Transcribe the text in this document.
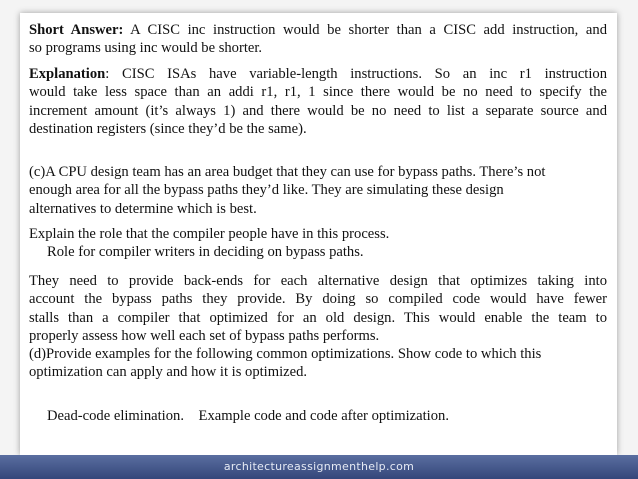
Short Answer: A CISC inc instruction would be shorter than a CISC add instruction, and
so programs using inc would be shorter.
Explanation: CISC ISAs have variable-length instructions. So an inc r1 instruction
would take less space than an addi r1, r1, 1 since there would be no need to specify the
increment amount (it’s always 1) and there would be no need to list a separate source and
destination registers (since they’d be the same).
(c)A CPU design team has an area budget that they can use for bypass paths. There’s not
enough area for all the bypass paths they’d like. They are simulating these design
alternatives to determine which is best.
Explain the role that the compiler people have in this process.
Role for compiler writers in deciding on bypass paths.
They need to provide back-ends for each alternative design that optimizes taking into
account the bypass paths they provide. By doing so compiled code would have fewer
stalls than a compiler that optimized for an old design. This would enable the team to
properly assess how well each set of bypass paths performs.
(d)Provide examples for the following common optimizations. Show code to which this
optimization can apply and how it is optimized.
Dead-code elimination.    Example code and code after optimization.
architectureassignmenthelp.com
